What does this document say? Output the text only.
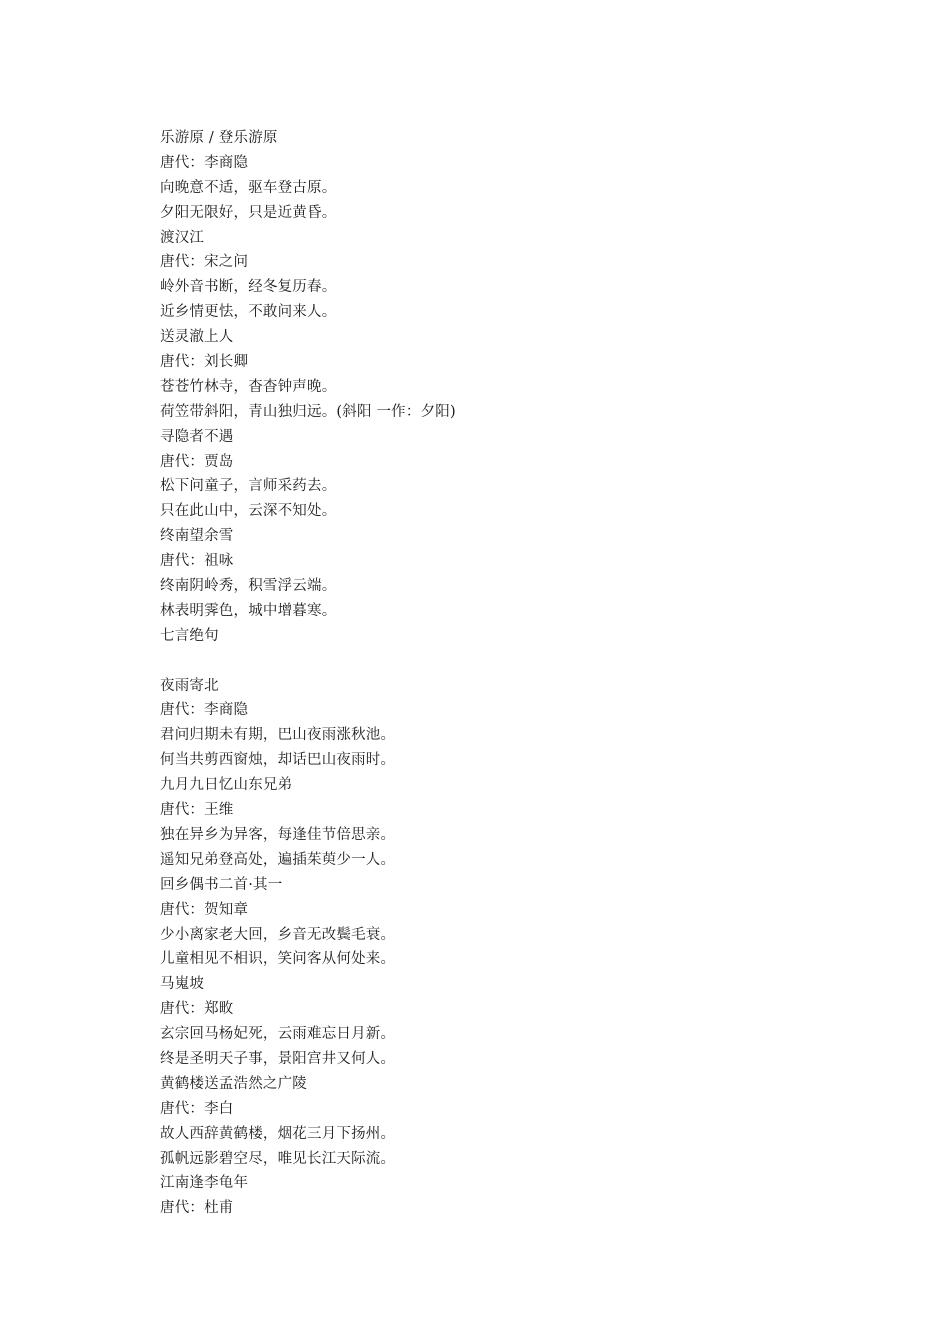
乐游原 / 登乐游原
唐代：李商隐
向晚意不适，驱车登古原。
夕阳无限好，只是近黄昏。
渡汉江
唐代：宋之问
岭外音书断，经冬复历春。
近乡情更怯，不敢问来人。
送灵澈上人
唐代：刘长卿
苍苍竹林寺，杳杳钟声晚。
荷笠带斜阳，青山独归远。(斜阳 一作：夕阳)
寻隐者不遇
唐代：贾岛
松下问童子，言师采药去。
只在此山中，云深不知处。
终南望余雪
唐代：祖咏
终南阴岭秀，积雪浮云端。
林表明霁色，城中增暮寒。
七言绝句
夜雨寄北
唐代：李商隐
君问归期未有期，巴山夜雨涨秋池。
何当共剪西窗烛，却话巴山夜雨时。
九月九日忆山东兄弟
唐代：王维
独在异乡为异客，每逢佳节倍思亲。
遥知兄弟登高处，遍插茱萸少一人。
回乡偶书二首·其一
唐代：贺知章
少小离家老大回，乡音无改鬓毛衰。
儿童相见不相识，笑问客从何处来。
马嵬坡
唐代：郑畋
玄宗回马杨妃死，云雨难忘日月新。
终是圣明天子事，景阳宫井又何人。
黄鹤楼送孟浩然之广陵
唐代：李白
故人西辞黄鹤楼，烟花三月下扬州。
孤帆远影碧空尽，唯见长江天际流。
江南逢李龟年
唐代：杜甫
